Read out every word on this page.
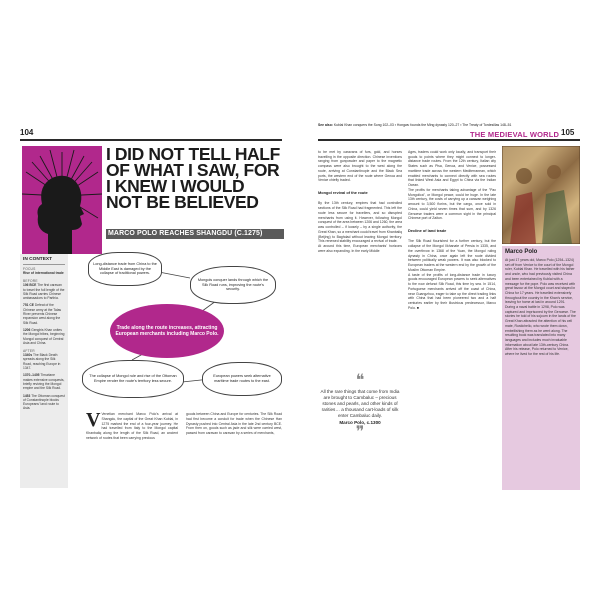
104
I DID NOT TELL HALF OF WHAT I SAW, FOR I KNEW I WOULD NOT BE BELIEVED
MARCO POLO REACHES SHANGDU (C.1275)
IN CONTEXT
FOCUS
Rise of international trade
BEFORE
106 BCE The first caravan to travel the full length of the Silk Road carries Chinese ambassadors to Parthia.
751 CE Defeat of the Chinese army at the Talas River prevents Chinese expansion west along the Silk Road.
1206 Genghis Khan unites the Mongol tribes, beginning Mongol conquest of Central Asia and China.
AFTER
1340s The Black Death spreads along the Silk Road, reaching Europe in 1347.
1370–1405 Timurlane makes extensive conquests, briefly reviving the Mongol empire and the Silk Road.
1453 The Ottoman conquest of Constantinople blocks Europeans' land route to Asia.
Long-distance trade from China to the Middle East is damaged by the collapse of traditional powers.
Mongols conquer lands through which the Silk Road runs, improving the route's security.
Trade along the route increases, attracting European merchants including Marco Polo.
The collapse of Mongol rule and rise of the Ottoman Empire render the route's territory less secure.
European powers seek alternative maritime trade routes to the east.
V Venetian merchant Marco Polo's arrival at Shangdu, the capital of the Great Khan Kublai, in 1275 marked the end of a four-year journey. He had travelled from Italy to the Mongol capital Khanbaliq along the length of the Silk Road, an ancient network of routes that been carrying precious

goods between China and Europe for centuries. The Silk Road had first become a conduit for trade when the Chinese Han Dynasty pushed into Central Asia in the late 2nd century BCE. From then on, goods such as jade and silk were carried west, passed from caravan to caravan by a series of merchants,

See also: Kublai Khan conquers the Song 102–03 ▪ Hongwu founds the Ming dynasty 120–27 ▪ The Treaty of Tordesillas 148–51
THE MEDIEVAL WORLD 105

to be met by caravans of furs, gold, and horses travelling in the opposite direction. Chinese inventions ranging from gunpowder and paper to the magnetic compass were also brought to the west along the route, arriving at Constantinople and the Black Sea ports, the western end of the route where Genoa and Venice chiefly traded.

Mongol revival of the route

By the 13th century, empires that had controlled sections of the Silk Road had fragmented. This left the route less secure for travellers, and so disrupted merchants from using it. However, following Mongol conquest of the area between 1206 and 1260, the area was controlled – if loosely – by a single authority, the Great Khan, so a merchant could travel from Khanbaliq (Beijing) to Baghdad without leaving Mongol territory. This renewed stability encouraged a revival of trade.
At around this time, European merchants' horizons were also expanding. In the early Middle

❝
All the rare things that come from India are brought to Cambaluc – precious stones and pearls, and other kinds of rarities… a thousand cart-loads of silk enter Cambaluc daily.
Marco Polo, c.1300
❞

Ages, traders could work only locally, and transport their goods to points where they might connect to longer-distance trade routes. From the 12th century, Italian city States such as Pisa, Genoa, and Venice, possessed maritime trade across the western Mediterranean, which enabled merchants to connect directly with sea routes that linked West Asia and Egypt to China via the Indian Ocean.
The profits for merchants taking advantage of the "Pax Mongolica", or Mongol peace, could be huge. In the late 13th century, the costs of carrying up a caravan weighing amount to 3,500 florins, but the cargo, once sold in China, could yield seven times that sum, and by 1326 Genoese traders were a common sight in the principal Chinese port of Zaitun.

Decline of land trade

The Silk Road flourished for a further century, but the collapse of the Mongol Ilkhanate of Persia in 1335, and the overthrow in 1368 of the Yuan, the Mongol ruling dynasty in China, once again left the route divided between politically weak powers. It was also blocked to European traders at the western end by the growth of the Muslim Ottoman Empire.
A taste of the profits of long-distance trade in luxury goods encouraged European powers to seek alternatives to the now defunct Silk Road, this time by sea. In 1514, Portuguese merchants arrived off the coast of China, near Guangzhou, eager to take up the direct trading links with China that had been pioneered two and a half centuries earlier by their illustrious predecessor, Marco Polo. ■

Marco Polo
At just 17 years old, Marco Polo (1254–1324) set off from Venice to the court of the Mongol ruler, Kublai Khan. He travelled with his father and uncle, who had previously visited China and been entertained by Kublai with a message for the pope. Polo was received with great favour at the Mongol court and stayed in China for 17 years. He travelled extensively throughout the country in the Khan's service, leaving for home at last in around 1291.
During a naval battle in 1298, Polo was captured and imprisoned by the Genoese. The stories he told of his sojourn in the lands of the Great Khan attracted the attention of his cell mate, Rustichello, who wrote them down, embellishing them as he went along. The resulting book was translated into many languages and includes much invaluable information about late 13th-century China. After his release, Polo returned to Venice, where he lived for the rest of his life.
